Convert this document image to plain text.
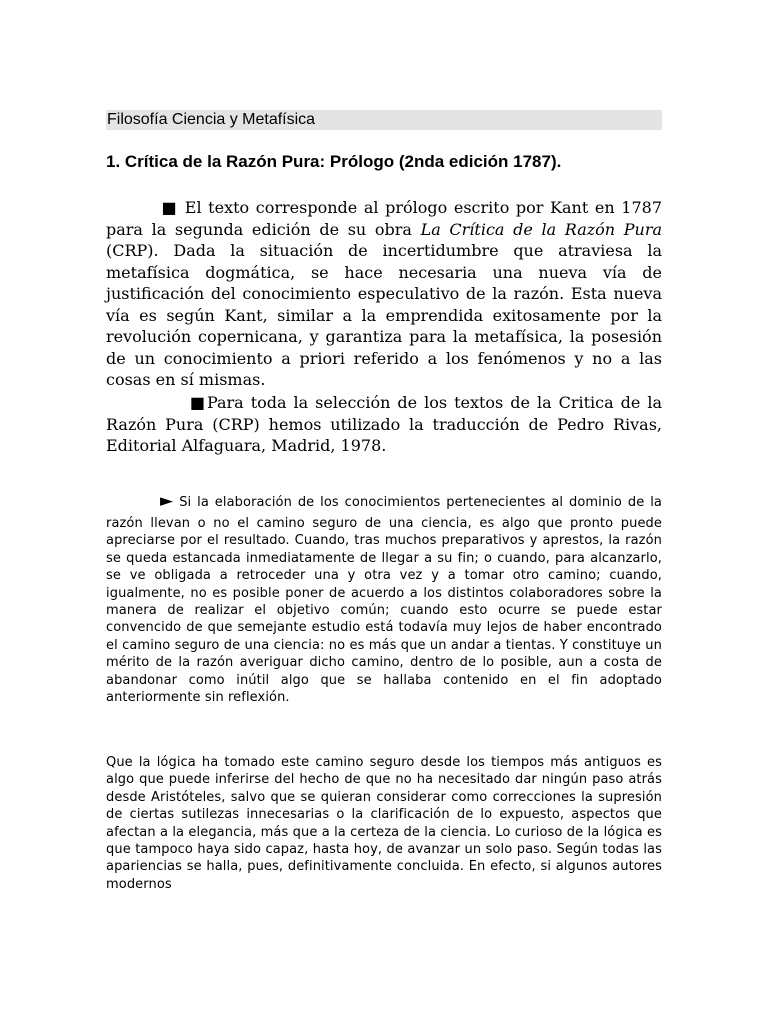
Filosofía Ciencia y Metafísica
1. Crítica de la Razón Pura: Prólogo (2nda edición 1787).
■ El texto corresponde al prólogo escrito por Kant en 1787 para la segunda edición de su obra La Crítica de la Razón Pura (CRP). Dada la situación de incertidumbre que atraviesa la metafísica dogmática, se hace necesaria una nueva vía de justificación del conocimiento especulativo de la razón. Esta nueva vía es según Kant, similar a la emprendida exitosamente por la revolución copernicana, y garantiza para la metafísica, la posesión de un conocimiento a priori referido a los fenómenos y no a las cosas en sí mismas.
■Para toda la selección de los textos de la Critica de la Razón Pura (CRP) hemos utilizado la traducción de Pedro Rivas, Editorial Alfaguara, Madrid, 1978.
► Si la elaboración de los conocimientos pertenecientes al dominio de la razón llevan o no el camino seguro de una ciencia, es algo que pronto puede apreciarse por el resultado. Cuando, tras muchos preparativos y aprestos, la razón se queda estancada inmediatamente de llegar a su fin; o cuando, para alcanzarlo, se ve obligada a retroceder una y otra vez y a tomar otro camino; cuando, igualmente, no es posible poner de acuerdo a los distintos colaboradores sobre la manera de realizar el objetivo común; cuando esto ocurre se puede estar convencido de que semejante estudio está todavía muy lejos de haber encontrado el camino seguro de una ciencia: no es más que un andar a tientas. Y constituye un mérito de la razón averiguar dicho camino, dentro de lo posible, aun a costa de abandonar como inútil algo que se hallaba contenido en el fin adoptado anteriormente sin reflexión.
Que la lógica ha tomado este camino seguro desde los tiempos más antiguos es algo que puede inferirse del hecho de que no ha necesitado dar ningún paso atrás desde Aristóteles, salvo que se quieran considerar como correcciones la supresión de ciertas sutilezas innecesarias o la clarificación de lo expuesto, aspectos que afectan a la elegancia, más que a la certeza de la ciencia. Lo curioso de la lógica es que tampoco haya sido capaz, hasta hoy, de avanzar un solo paso. Según todas las apariencias se halla, pues, definitivamente concluida. En efecto, si algunos autores modernos
